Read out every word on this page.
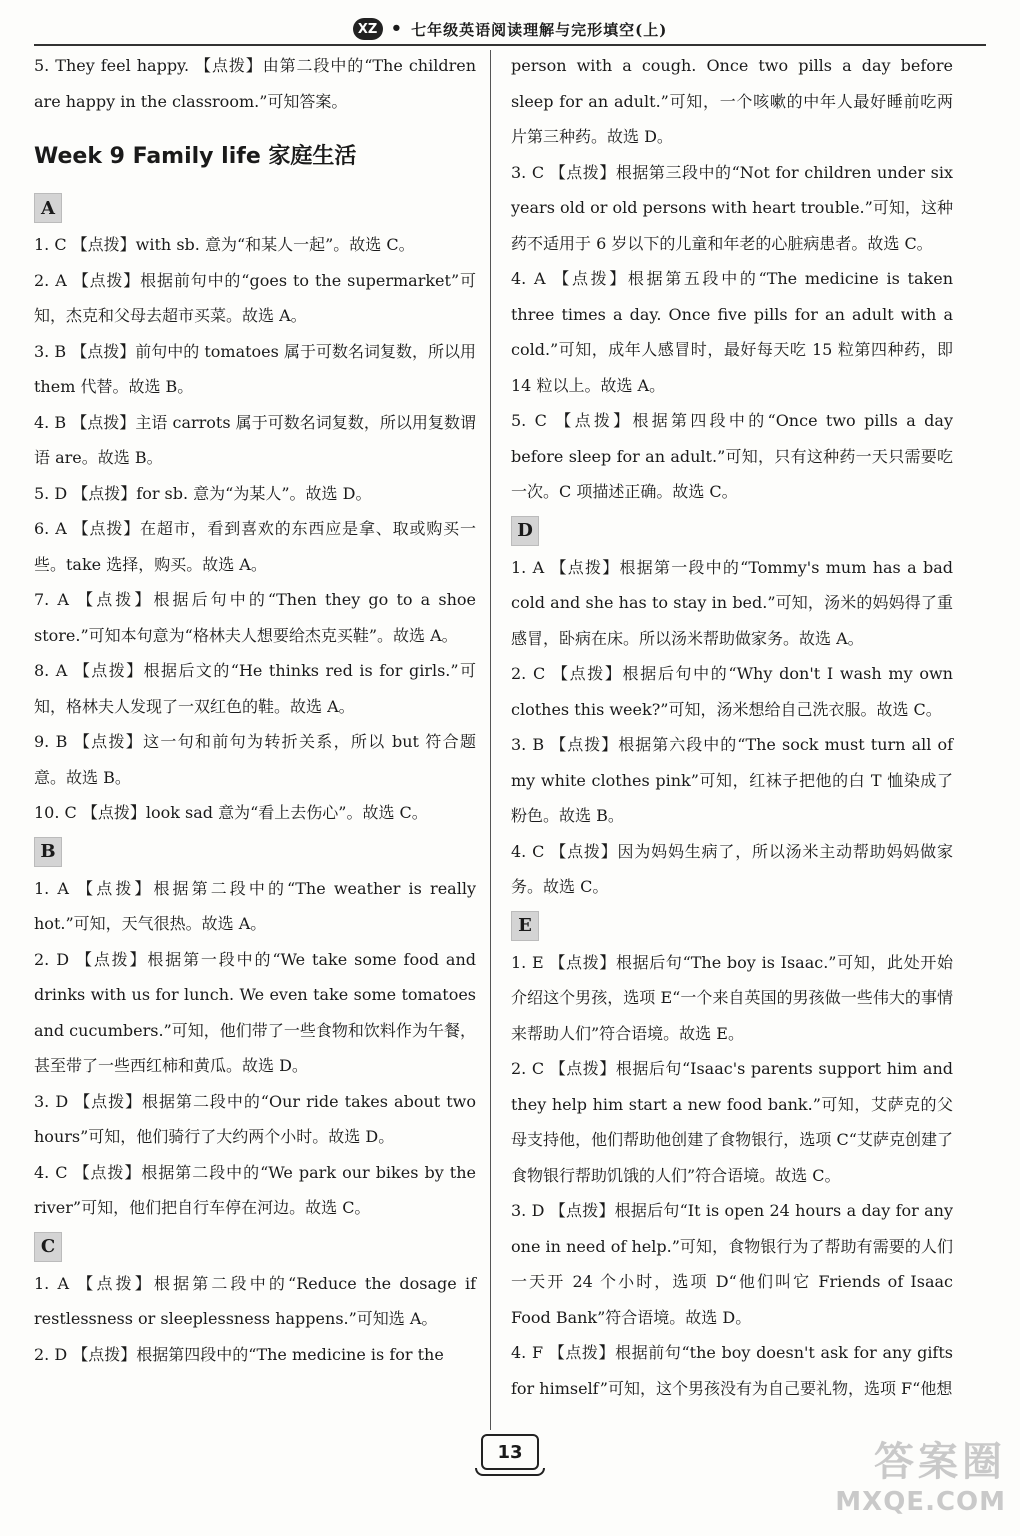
XZ • 七年级英语阅读理解与完形填空(上)

5. They feel happy. 【点拨】由第二段中的“The children are happy in the classroom.”可知答案。

Week 9 Family life 家庭生活
A

1. C 【点拨】with sb. 意为“和某人一起”。故选 C。

2. A 【点拨】根据前句中的“goes to the supermarket”可知，杰克和父母去超市买菜。故选 A。

3. B 【点拨】前句中的 tomatoes 属于可数名词复数，所以用 them 代替。故选 B。

4. B 【点拨】主语 carrots 属于可数名词复数，所以用复数谓语 are。故选 B。

5. D 【点拨】for sb. 意为“为某人”。故选 D。

6. A 【点拨】在超市，看到喜欢的东西应是拿、取或购买一些。take 选择，购买。故选 A。

7. A 【点拨】根据后句中的“Then they go to a shoe store.”可知本句意为“格林夫人想要给杰克买鞋”。故选 A。

8. A 【点拨】根据后文的“He thinks red is for girls.”可知，格林夫人发现了一双红色的鞋。故选 A。

9. B 【点拨】这一句和前句为转折关系，所以 but 符合题意。故选 B。

10. C 【点拨】look sad 意为“看上去伤心”。故选 C。

B

1. A 【点拨】根据第二段中的“The weather is really hot.”可知，天气很热。故选 A。

2. D 【点拨】根据第一段中的“We take some food and drinks with us for lunch. We even take some tomatoes and cucumbers.”可知，他们带了一些食物和饮料作为午餐，甚至带了一些西红柿和黄瓜。故选 D。

3. D 【点拨】根据第二段中的“Our ride takes about two hours”可知，他们骑行了大约两个小时。故选 D。

4. C 【点拨】根据第二段中的“We park our bikes by the river”可知，他们把自行车停在河边。故选 C。

C

1. A 【点拨】根据第二段中的“Reduce the dosage if restlessness or sleeplessness happens.”可知选 A。

2. D 【点拨】根据第四段中的“The medicine is for the

person with a cough. Once two pills a day before sleep for an adult.”可知，一个咳嗽的中年人最好睡前吃两片第三种药。故选 D。

3. C 【点拨】根据第三段中的“Not for children under six years old or old persons with heart trouble.”可知，这种药不适用于 6 岁以下的儿童和年老的心脏病患者。故选 C。

4. A 【点拨】根据第五段中的“The medicine is taken three times a day. Once five pills for an adult with a cold.”可知，成年人感冒时，最好每天吃 15 粒第四种药，即 14 粒以上。故选 A。

5. C 【点拨】根据第四段中的“Once two pills a day before sleep for an adult.”可知，只有这种药一天只需要吃一次。C 项描述正确。故选 C。

D

1. A 【点拨】根据第一段中的“Tommy's mum has a bad cold and she has to stay in bed.”可知，汤米的妈妈得了重感冒，卧病在床。所以汤米帮助做家务。故选 A。

2. C 【点拨】根据后句中的“Why don't I wash my own clothes this week?”可知，汤米想给自己洗衣服。故选 C。

3. B 【点拨】根据第六段中的“The sock must turn all of my white clothes pink”可知，红袜子把他的白 T 恤染成了粉色。故选 B。

4. C 【点拨】因为妈妈生病了，所以汤米主动帮助妈妈做家务。故选 C。

E

1. E 【点拨】根据后句“The boy is Isaac.”可知，此处开始介绍这个男孩，选项 E“一个来自英国的男孩做一些伟大的事情来帮助人们”符合语境。故选 E。

2. C 【点拨】根据后句“Isaac's parents support him and they help him start a new food bank.”可知，艾萨克的父母支持他，他们帮助他创建了食物银行，选项 C“艾萨克创建了食物银行帮助饥饿的人们”符合语境。故选 C。

3. D 【点拨】根据后句“It is open 24 hours a day for any one in need of help.”可知，食物银行为了帮助有需要的人们一天开 24 个小时，选项 D“他们叫它 Friends of Isaac Food Bank”符合语境。故选 D。

4. F 【点拨】根据前句“the boy doesn't ask for any gifts for himself”可知，这个男孩没有为自己要礼物，选项 F“他想

13	答案圈
MXQE.COM
